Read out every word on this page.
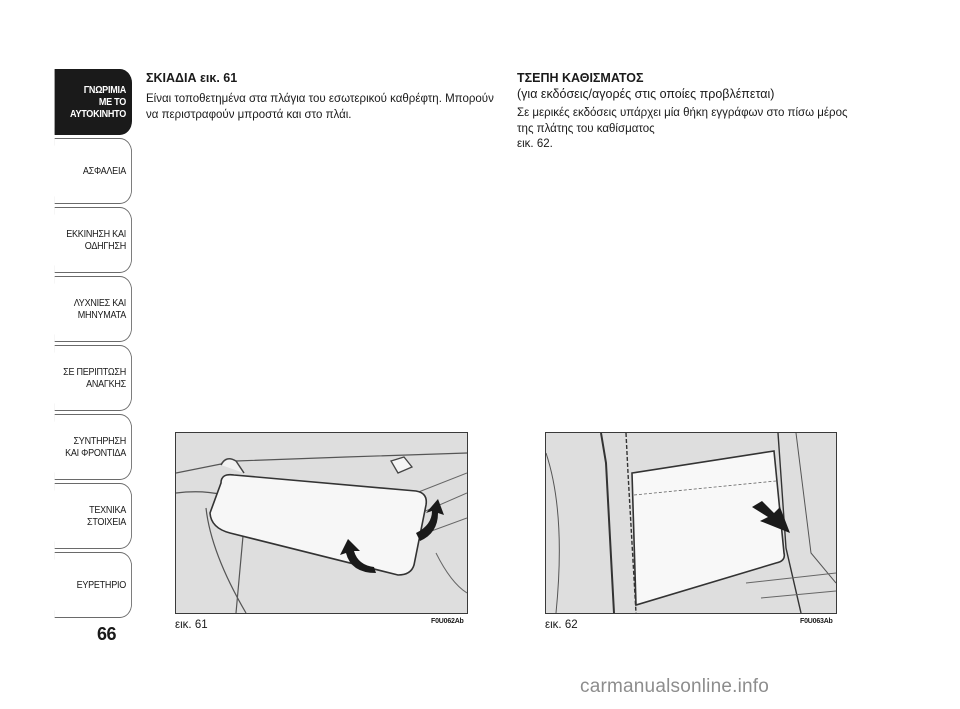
ΓΝΩΡΙΜΙΑ
ΜΕ ΤΟ
ΑΥΤΟΚΙΝΗΤΟ
ΑΣΦΑΛΕΙΑ
ΕΚΚΙΝΗΣΗ ΚΑΙ
ΟΔΗΓΗΣΗ
ΛΥΧΝΙΕΣ ΚΑΙ
ΜΗΝΥΜΑΤΑ
ΣΕ ΠΕΡΙΠΤΩΣΗ
ΑΝΑΓΚΗΣ
ΣΥΝΤΗΡΗΣΗ
ΚΑΙ ΦΡΟΝΤΙΔΑ
ΤΕΧΝΙΚΑ
ΣΤΟΙΧΕΙΑ
ΕΥΡΕΤΗΡΙΟ
66

ΣΚΙΑΔΙΑ εικ. 61

Είναι τοποθετημένα στα πλάγια του εσωτερικού καθρέφτη. Μπορούν να περιστραφούν μπροστά και στο πλάι.

ΤΣΕΠΗ ΚΑΘΙΣΜΑΤΟΣ

(για εκδόσεις/αγορές στις οποίες προβλέπεται)

Σε μερικές εκδόσεις υπάρχει μία θήκη εγγράφων στο πίσω μέρος της πλάτης του καθίσματος

εικ. 62.

εικ. 61	F0U062Ab	εικ. 62	F0U063Ab
carmanualsonline.info
